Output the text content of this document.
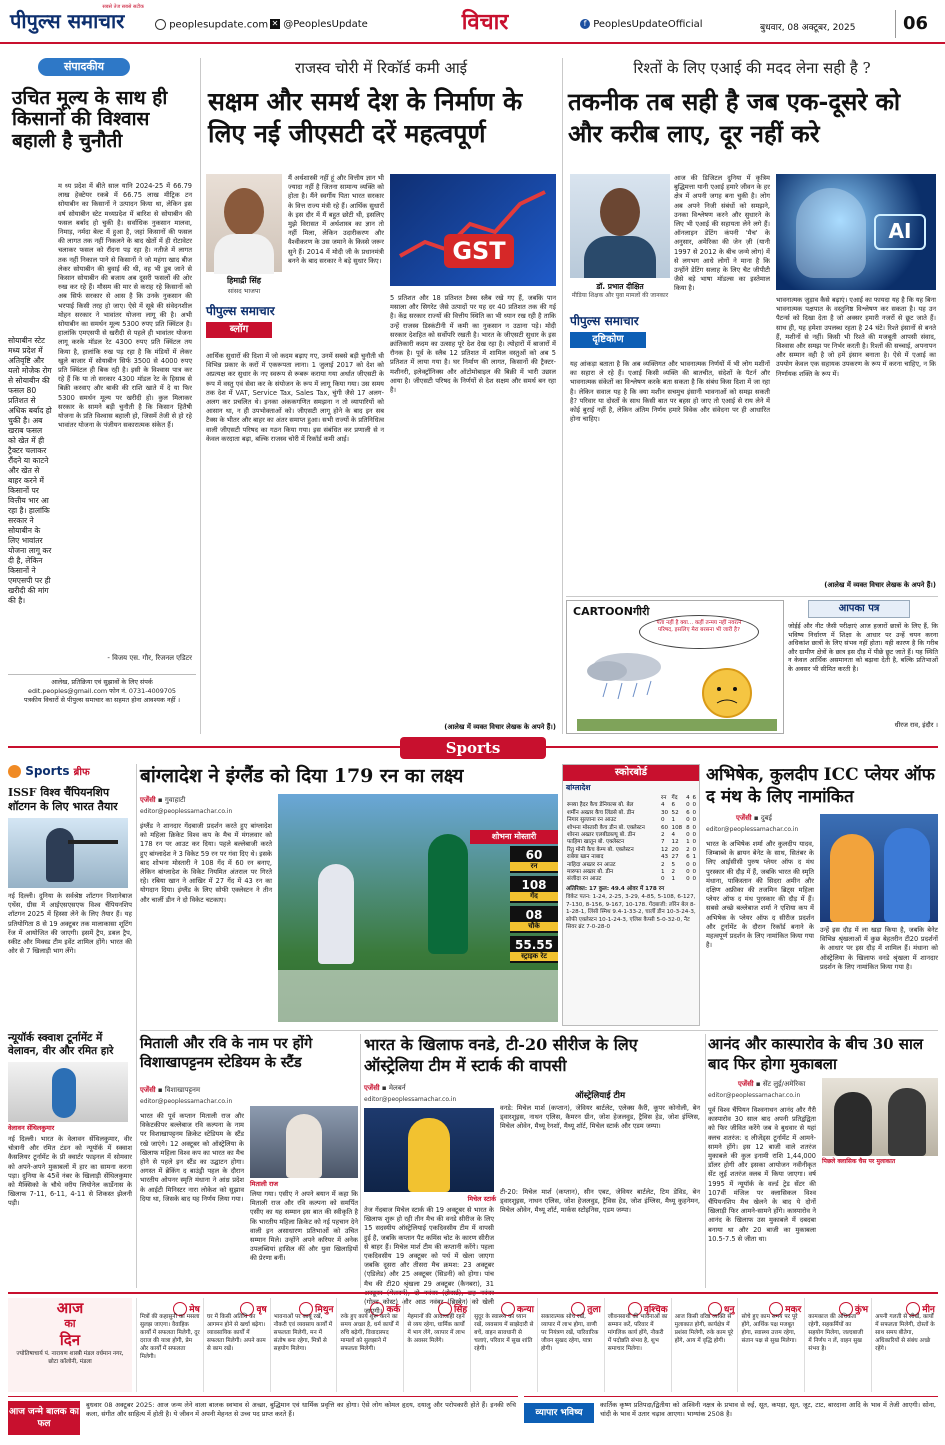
सबसे तेज सबसे सटीक
पीपुल्स समाचार	peoplesupdate.com ✕ @PeoplesUpdate	विचार	f PeoplesUpdateOfficial	बुधवार, 08 अक्टूबर, 2025	06
संपादकीय
उचित मूल्य के साथ ही किसानों की विश्वास बहाली है चुनौती
सोयाबीन स्टेट मध्य प्रदेश में अतिवृष्टि और यलो मोजेक रोग से सोयाबीन की फसल 80 प्रतिशत से अधिक बर्बाद हो चुकी है। अब खराब फसल को खेत में ही ट्रैक्टर चलाकर रौंदने या काटने और खेत से बाहर करने में किसानों पर वित्तीय भार आ रहा है। हालांकि सरकार ने सोयाबीन के लिए भावांतर योजना लागू कर दी है, लेकिन किसानों ने एमएसपी पर ही खरीदी की मांग की है।
म ध्य प्रदेश में बीते साल यानि 2024-25 में 66.79 लाख हेक्टेयर रकबे में 66.75 लाख मीट्रिक टन सोयाबीन का किसानों ने उत्पादन किया था, लेकिन इस वर्ष सोयाबीन स्टेट मध्यप्रदेश में बारिश से सोयाबीन की फसल बर्बाद हो चुकी है। सर्वाधिक नुकसान मालवा, निमाड़, नर्मदा बेल्ट में हुआ है, जहां किसानों की फसल की लागत तक नहीं निकलने के बाद खेतों में ही रोटावेटर चलाकर फसल को रौंदना पड़ रहा है। नतीजे में लागत तक नहीं निकाल पाने से किसानों ने जो महंगा खाद बीज लेकर सोयाबीन की बुवाई की थी, वह भी डूब जाने से किसान सोयाबीन की बजाय अब दूसरी फसलों की ओर रुख कर रहे हैं। मौसम की मार से कराह रहे किसानों को अब सिर्फ सरकार से आस है कि उनके नुकसान की भरपाई किसी तरह हो जाए। ऐसे में सूबे की संवेदनशील मोहन सरकार ने भावांतर योजना लागू की है। अभी सोयाबीन का समर्थन मूल्य 5300 रुपए प्रति क्विंटल है। हालांकि एमएसपी से खरीदी से पहले ही भावांतर योजना लागू करके मॉडल रेट 4300 रुपए प्रति क्विंटल तय किया है, हालांकि रुख पड़ रहा है कि मंडियों में लेकर खुले बाजार में सोयाबीन सिर्फ 3500 से 4000 रुपए प्रति क्विंटल ही बिक रही है। इसी के विश्वास पात्र कर रहे हैं कि या तो सरकार 4300 मॉडल रेट के हिसाब से बिक्री करवाए और बाकी की राशि खाते में दे या फिर 5300 समर्थन मूल्य पर खरीदी हो। कुल मिलाकर सरकार के सामने बड़ी चुनौती है कि किसान हितैषी योजना के प्रति विश्वास बहाली हो, जिसमें तेजी से हो रहे भावांतर योजना के पंजीयन सकारात्मक संकेत हैं।
- विजय एस. गौर, रिजनल एडिटर
आलेख, प्रतिक्रिया एवं सुझावों के लिए संपर्क
edit.peoples@gmail.com फोन नं. 0731-4009705
पत्रकीय विचारों से पीपुल्स समाचार का सहमत होना आवश्यक नहीं ।
राजस्व चोरी में रिकॉर्ड कमी आई
सक्षम और समर्थ देश के निर्माण के लिए नई जीएसटी दरें महत्वपूर्ण
हिमाद्री सिंह
सांसद भाजपा
मैं अर्थशास्त्री नहीं हूं और वित्तीय ज्ञान भी ज्यादा नहीं है जितना सामान्य व्यक्ति को होता है। मैंने स्वर्गीय पिता भारत सरकार के वित्त राज्य मंत्री रहे हैं। आर्थिक सुधारों के इस दौर में मैं बहुत छोटी थी, इसलिए मुझे विरासत में अर्थशास्त्र का ज्ञान तो नहीं मिला, लेकिन उदारीकरण और वैश्वीकरण के उस जमाने के किस्से जरूर सुने हैं। 2014 में मोदी जी के प्रधानमंत्री बनने के बाद सरकार ने बड़े सुधार किए।
पीपुल्स समाचार
ब्लॉग
GST
आर्थिक सुधारों की दिशा में जो कदम बढ़ाए गए, उनमें सबसे बड़ी चुनौती थी विभिन्न प्रकार के करों में एकरूपता लाना। 1 जुलाई 2017 को देश को अप्रत्यक्ष कर सुधार के नए स्वरूप से रूबरू कराया गया अर्थात जीएसटी के रूप में वस्तु एवं सेवा कर के संयोजन के रूप में लागू किया गया। उस समय तक देश में VAT, Service Tax, Sales Tax, चुंगी जैसे 17 अलग-अलग कर प्रचलित थे। इनका अंककगणित समझना न तो व्यापारियों को आसान था, न ही उपभोक्ताओं को। जीएसटी लागू होने के बाद इन सब टैक्स के भीतर और बाहर का अंतर समाप्त हुआ। सभी राज्यों के प्रतिनिधित्व वाली जीएसटी परिषद का गठन किया गया। इस संबंधित कर प्रणाली से न केवल करदाता बढ़ा, बल्कि राजस्व चोरी में रिकॉर्ड कमी आई।
5 प्रतिशत और 18 प्रतिशत टैक्स स्लैब रखे गए हैं, जबकि पान मसाला और सिगरेट जैसे उत्पादों पर यह दर 40 प्रतिशत तक की गई है। केंद्र सरकार राज्यों की वित्तीय स्थिति का भी ध्यान रख रही है ताकि उन्हें राजस्व डिस्कंटीनी में कमी का नुकसान न उठाना पड़े। मोदी सरकार देशहित को सर्वोपरि रखती है। भारत के जीएसटी सुधार के इस क्रांतिकारी कदम का उत्साह पूरे देश देख रहा है। त्योहारों में बाजारों में रौनक है। पूर्व के स्लैब 12 प्रतिशत में शामिल वस्तुओं को अब 5 प्रतिशत में लाया गया है। घर निर्माण की लागत, किसानों की ट्रैक्टर-मशीनरी, इलेक्ट्रॉनिक्स और ऑटोमोबाइल की बिक्री में भारी उछाल आया है। जीएसटी परिषद के निर्णयों से देश सक्षम और समर्थ बन रहा है।
(आलेख में व्यक्त विचार लेखक के अपने हैं।)
रिश्तों के लिए एआई की मदद लेना सही है ?
तकनीक तब सही है जब एक-दूसरे को और करीब लाए, दूर नहीं करे
डॉ. प्रभात दीक्षित
मीडिया शिक्षक और युवा मामलों की जानकार
आज की डिजिटल दुनिया में कृत्रिम बुद्धिमत्ता यानी एआई हमारे जीवन के हर क्षेत्र में अपनी जगह बना चुकी है। लोग अब अपने निजी संबंधों को समझने, उनका विश्लेषण करने और सुधारने के लिए भी एआई की सहायता लेने लगे हैं। ऑनलाइन डेटिंग कंपनी 'मैच' के अनुसार, अमेरिका की जेन ज़ी (यानी 1997 से 2012 के बीच जन्मे लोग) में से लगभग आधे लोगों ने माना है कि उन्होंने डेटिंग सलाह के लिए चैट जीपीटी जैसे बड़े भाषा मॉडल्स का इस्तेमाल किया है।
पीपुल्स समाचार
दृष्टिकोण
AI
यह आंकड़ा बताता है कि अब व्यक्तिगत और भावनात्मक निर्णयों में भी लोग मशीनों का सहारा ले रहे हैं। एआई किसी व्यक्ति की बातचीत, संदेशों के पैटर्न और भावनात्मक संकेतों का विश्लेषण करके बता सकता है कि संबंध किस दिशा में जा रहा है। लेकिन सवाल यह है कि क्या मशीन सचमुच इंसानी भावनाओं को समझ सकती है? परिवार या दोस्तों के साथ किसी बात पर बहस हो जाए तो एआई से राय लेने में कोई बुराई नहीं है, लेकिन अंतिम निर्णय हमारे विवेक और संवेदना पर ही आधारित होना चाहिए।
भावनात्मक जुड़ाव कैसे बढ़ाएं। एआई का फायदा यह है कि यह बिना भावनात्मक पक्षपात के वस्तुनिष्ठ विश्लेषण कर सकता है। यह उन पैटर्न्स को दिखा देता है जो अक्सर हमारी नजरों से छूट जाते हैं। साथ ही, यह हमेशा उपलब्ध रहता है 24 घंटे। रिश्ते इंसानों से बनते हैं, मशीनों से नहीं। किसी भी रिश्ते की मजबूती आपसी संवाद, विश्वास और समझ पर निर्भर करती है। रिश्तों की सच्चाई, अपनापन और सम्मान वही है जो हमें इंसान बनाता है। ऐसे में एआई का उपयोग केवल एक सहायक उपकरण के रूप में करना चाहिए, न कि निर्णायक शक्ति के रूप में।
(आलेख में व्यक्त विचार लेखक के अपने हैं।)
CARTOONगीरी
पता नहीं है क्या... कहीं तन्मय नहीं नवरत्न परिषद, इसलिए मेरा बरसना भी जारी है?
आपका पत्र
जोईई और नीट जैसी परीक्षाएं आज हजारों छात्रों के लिए हैं, कि भविष्य निर्धारण में शिक्षा के आधार पर उन्हें चयन करना अधिकांश छात्रों के लिए संभव नहीं होता। यही कारण है कि गरीब और ग्रामीण क्षेत्रों के छात्र इस दौड़ में पीछे छूट जाते हैं। यह स्थिति न केवल आर्थिक असमानता को बढ़ावा देती है, बल्कि प्रतिभाओं के अवसर भी सीमित करती है।
धीरज राव, इंदौर ।
Sports
Sports ब्रीफ
ISSF विश्व चैंपियनशिप शॉटगन के लिए भारत तैयार
नई दिल्ली। दुनिया के सर्वश्रेष्ठ शॉटगन निशानेबाज एथेंस, ग्रीस में आईएसएसएफ विश्व चैंपियनशिप शॉटगन 2025 में हिस्सा लेने के लिए तैयार हैं। यह प्रतियोगिता 8 से 19 अक्टूबर तक मालाकासा शूटिंग रेंज में आयोजित की जाएगी। इसमें ट्रैप, डबल ट्रैप, स्कीट और मिक्स्ड टीम इवेंट शामिल होंगे। भारत की ओर से 7 खिलाड़ी भाग लेंगे।
न्यूयॉर्क स्क्वाश टूर्नामेंट में वेलावन, वीर और रमित हारे
वेलावन सेंथिलकुमार
नई दिल्ली। भारत के वेलावन सेंथिलकुमार, वीर चोत्रानी और रमित टंडन को न्यूयॉर्क में स्क्वाश कैसलियर टूर्नामेंट के प्री क्वार्टर फाइनल में सोमवार को अपने-अपने मुकाबलों में हार का सामना करना पड़ा। दुनिया के 45वें नंबर के खिलाड़ी सेंथिलकुमार को मैक्सिको के चौथे वरीय लियोनेल कार्डेनास के खिलाफ 7-11, 6-11, 4-11 से शिकस्त झेलनी पड़ी।
बांग्लादेश ने इंग्लैंड को दिया 179 रन का लक्ष्य
एजेंसी ▪ गुवाहाटी
editor@peoplessamachar.co.in
इंग्लैंड ने शानदार गेंदबाजी प्रदर्शन करते हुए बांग्लादेश को महिला क्रिकेट विश्व कप के मैच में मंगलवार को 178 रन पर आउट कर दिया। पहले बल्लेबाजी करते हुए बांग्लादेश ने 3 विकेट 59 रन पर गंवा दिए थे। इसके बाद शोभना मोस्तारी ने 108 गेंद में 60 रन बनाए, लेकिन बांग्लादेश के विकेट नियमित अंतराल पर गिरते रहे। रबिया खान ने आखिर में 27 गेंद में 43 रन का योगदान दिया। इंग्लैंड के लिए सोफी एक्लेस्टन ने तीन और चार्ली डीन ने दो विकेट चटकाए।
शोभना मोस्तारी
60
रन
108
गेंद
08
चौके
55.55
स्ट्राइक रेट
स्कोरबोर्ड
बांग्लादेश
	रन	गेंद	4	6
रूब्या हैदर कैच डेनियल्स बो. बेल	4	6	0	0
शर्मीन अख्तर कैच लिंडसे बो. डीन	30	52	6	0
निगार सुल्ताना रन आउट	0	1	0	0
शोभना मोस्तारी कैच डीन बो. एक्लेस्टन	60	108	8	0
शोरना अख्तर एलबीडब्ल्यू बो. डीन	2	4	0	0
फाहिमा खातून बो. एक्लेस्टन	7	12	1	0
रितु मोनी कैच केम्प बो. एक्लेस्टन	12	20	2	0
राबेया खान नाबाद	43	27	6	1
नाहिदा अख्तर रन आउट	2	5	0	0
मारुफा अख्तर बो. डीन	1	2	0	0
संजीदा रन आउट	0	1	0	0
अतिरिक्त: 17 कुल: 49.4 ओवर में 178 रन
विकेट पतन: 1-24, 2-25, 3-29, 4-85, 5-108, 6-127, 7-130, 8-156, 9-167, 10-178. गेंदबाजी: लॉरेन बेल 8-1-28-1, लिंसी स्मिथ 9.4-1-33-2, चार्ली डीन 10-3-24-3, सोफी एक्लेस्टन 10-1-24-3, एलिस कैप्सी 5-0-32-0, नैट सिवर ब्रंट 7-0-28-0
अभिषेक, कुलदीप ICC प्लेयर ऑफ द मंथ के लिए नामांकित
एजेंसी ▪ दुबई
editor@peoplessamachar.co.in
भारत के अभिषेक शर्मा और कुलदीप यादव, जिम्बाब्वे के ब्रायन बेनेट के साथ, सितंबर के लिए आईसीसी पुरुष प्लेयर ऑफ द मंथ पुरस्कार की दौड़ में हैं, जबकि भारत की स्मृति मंधाना, पाकिस्तान की सिदरा अमीन और दक्षिण अफ्रीका की तजमिन ब्रिट्स महिला प्लेयर ऑफ द मंथ पुरस्कार की दौड़ में हैं। सबसे अच्छे बल्लेबाज शर्मा ने एशिया कप में अभिषेक के प्लेयर ऑफ द सीरीज प्रदर्शन और टूर्नामेंट के दौरान रिकॉर्ड बनाने के महत्वपूर्ण प्रदर्शन के लिए नामांकित किया गया है।
उन्हें इस दौड़ में ला खड़ा किया है, जबकि बेनेट विभिन्न श्रृंखलाओं में कुछ बेहतरीन टी20 प्रदर्शनों के आधार पर इस दौड़ में शामिल हैं। मंधाना को ऑस्ट्रेलिया के खिलाफ वनडे श्रृंखला में शानदार प्रदर्शन के लिए नामांकित किया गया है।
मिताली और रवि के नाम पर होंगे विशाखापट्टनम स्टेडियम के स्टैंड
एजेंसी ▪ विशाखापट्टनम
editor@peoplessamachar.co.in
भारत की पूर्व कप्तान मिताली राज और विकेटकीपर बल्लेबाज रवि कल्पना के नाम पर विशाखापट्टनम क्रिकेट स्टेडियम के स्टैंड रखे जाएंगे। 12 अक्टूबर को ऑस्ट्रेलिया के खिलाफ महिला विश्व कप का भारत का मैच होने से पहले इन स्टैंड का उद्घाटन होगा। अगस्त में ब्रेकिंग द बाउंड्री पहल के दौरान भारतीय ओपनर स्मृति मंधाना ने आंध्र प्रदेश के आईटी मिनिस्टर नारा लोकेश को सुझाव दिया था, जिसके बाद यह निर्णय लिया गया।
मिताली राज
लिया गया। एसीए ने अपने बयान में कहा कि मिताली राज और रवि कल्पना को समर्पित एसीए का यह सम्मान इस बात की स्वीकृति है कि भारतीय महिला क्रिकेट को नई पहचान देने वाली इन असाधारण प्रतिभाओं को उचित सम्मान मिले। उन्होंने अपने करियर में अनेक उपलब्धियां हासिल कीं और युवा खिलाड़ियों की प्रेरणा बनीं।
भारत के खिलाफ वनडे, टी-20 सीरीज के लिए ऑस्ट्रेलिया टीम में स्टार्क की वापसी
एजेंसी ▪ मेलबर्न
editor@peoplessamachar.co.in
मिचेल स्टार्क
तेज गेंदबाज मिचेल स्टार्क की 19 अक्टूबर से भारत के खिलाफ शुरू हो रही तीन मैच की वनडे सीरीज के लिए 15 सदस्यीय ऑस्ट्रेलियाई एकदिवसीय टीम में वापसी हुई है, जबकि कप्तान पैट कमिंस चोट के कारण सीरीज से बाहर हैं। मिचेल मार्श टीम की कप्तानी करेंगे। पहला एकदिवसीय 19 अक्टूबर को पर्थ में खेला जाएगा जबकि दूसरा और तीसरा मैच क्रमश: 23 अक्टूबर (एडिलेड) और 25 अक्टूबर (सिडनी) को होगा। पांच मैच की टी20 श्रृंखला 29 अक्टूबर (कैनबरा), 31 अक्टूबर (मेलबर्न), दो नवंबर (होबार्ट), छह नवंबर (गोल्ड कोस्ट) और आठ नवंबर (ब्रिस्बेन) को खेली जाएगी।
ऑस्ट्रेलियाई टीम
वनडे: मिचेल मार्श (कप्तान), जेवियर बार्टलेट, एलेक्स कैरी, कूपर कोनोली, बेन ड्वारशुइस, नाथन एलिस, कैमरन ग्रीन, जोश हेजलवुड, ट्रैविस हेड, जोश इंग्लिस, मिचेल ओवेन, मैथ्यू रेनशॉ, मैथ्यू शॉर्ट, मिचेल स्टार्क और एडम जम्पा।
टी-20: मिचेल मार्श (कप्तान), सीन एबट, जेवियर बार्टलेट, टिम डेविड, बेन ड्वारशुइस, नाथन एलिस, जोश हेजलवुड, ट्रैविस हेड, जोश इंग्लिस, मैथ्यू कुहनेमन, मिचेल ओवेन, मैथ्यू शॉर्ट, मार्कस स्टोइनिस, एडम जम्पा।
आनंद और कास्पारोव के बीच 30 साल बाद फिर होगा मुकाबला
एजेंसी ▪ सेंट लुई/अमेरिका
editor@peoplessamachar.co.in
पिछले क्लासिक चैस पर मुलाकात
पूर्व विश्व चैंपियन विश्वनाथन आनंद और गैरी कास्पारोव 30 साल बाद अपनी प्रतिद्वंद्विता को फिर जीवित करेंगे जब वे बुधवार से यहां क्लच शतरंज: द लीजेंड्स टूर्नामेंट में आमने-सामने होंगे। इस 12 बाजी वाले शतरंज मुकाबले की कुल इनामी राशि 1,44,000 डॉलर होगी और इसका आयोजन नवीनीकृत सेंट लुई शतरंज क्लब में किया जाएगा। वर्ष 1995 में न्यूयॉर्क के वर्ल्ड ट्रेड सेंटर की 107वीं मंजिल पर क्लासिकल विश्व चैंपियनशिप मैच खेलने के बाद ये दोनों खिलाड़ी फिर आमने-सामने होंगे। कास्पारोव ने आनंद के खिलाफ उस मुकाबले में दबदबा बनाया था और 20 बाजी का मुकाबला 10.5-7.5 से जीता था।
आज
का
दिन
ज्योतिषाचार्य पं. नारायण शास्त्री मंडल वर्धमान नगर, छोटा कॉलोनी, मंडला
मेष
मित्रों की कहासुनी का मसला सुलझ जाएगा। वैवाहिक कार्यों में सफलता मिलेगी, दूर दराज की यात्रा होगी, प्रेम और कार्यों में सफलता मिलेगी।
वृष
घर में किसी अतिथि का आगमन होने से खर्चा बढ़ेगा। व्यावसायिक कार्यों में सफलता मिलेगी। अपने काम से काम रखें।
मिथुन
भावनाओं पर काबू रखें, नौकरी एवं व्यवसाय कार्यों में सफलता मिलेगी, मन में संतोष बना रहेगा, मित्रों से सहयोग मिलेगा।
कर्क
रुके हुए कार्य शुरू करने का समय अच्छा है, धर्म कार्यों में रुचि बढ़ेगी, विवादास्पद मामलों को सुलझाने में सफलता मिलेगी।
सिंह
मेहमानों की आवाजाही रहने से व्यय रहेगा, धार्मिक कार्यों में भाग लेंगे, व्यापार में लाभ के अवसर मिलेंगे।
कन्या
सुदूर के स्वास्थ्य का ध्यान रखें, व्यवसाय में साझेदारी से बचें, वाहन सावधानी से चलाएं, परिवार में सुख शांति रहेगी।
तुला
सकारात्मक सोच रखें, व्यापार में लाभ होगा, वाणी पर नियंत्रण रखें, पारिवारिक जीवन सुखद रहेगा, यात्रा होगी।
वृश्चिक
जीवनसाथी की भावनाओं का सम्मान करें, परिवार में मांगलिक कार्य होंगे, नौकरी में पदोन्नति संभव है, शुभ समाचार मिलेगा।
धनु
आज किसी वरिष्ठ व्यक्ति से मुलाकात होगी, कार्यक्षेत्र में प्रशंसा मिलेगी, रुके काम पूरे होंगे, आय में वृद्धि होगी।
मकर
सोचे हुए काम समय पर पूरे होंगे, आर्थिक पक्ष मजबूत होगा, स्वास्थ्य उत्तम रहेगा, संतान पक्ष से सुख मिलेगा।
कुंभ
कामकाज की अधिकता रहेगी, सहकर्मियों का सहयोग मिलेगा, जल्दबाजी में निर्णय न लें, वाहन सुख संभव है।
मीन
अपनी गलती से सीखें, कार्यों में सफलता मिलेगी, दोस्तों के साथ समय बीतेगा, अधिकारियों से संबंध अच्छे रहेंगे।
आज जन्मे बालक का फल
बुधवार 08 अक्टूबर 2025: आज जन्म लेने वाला बालक स्वभाव से अच्छा, बुद्धिमान एवं धार्मिक प्रवृत्ति का होगा। ऐसे लोग कोमल हृदय, दयालु और परोपकारी होते हैं। इनकी रुचि कला, संगीत और साहित्य में होती है। ये जीवन में अपनी मेहनत से उच्च पद प्राप्त करते हैं।	व्यापार भविष्य
कार्तिक कृष्ण प्रतिपदा/द्वितीया को अश्विनी नक्षत्र के प्रभाव से रुई, सूत, कपड़ा, सूत, जूट, टाट, बारदाना आदि के भाव में तेजी आएगी। सोना, चांदी के भाव में उतार चढ़ाव आएगा। भाग्यांक 2508 है।
